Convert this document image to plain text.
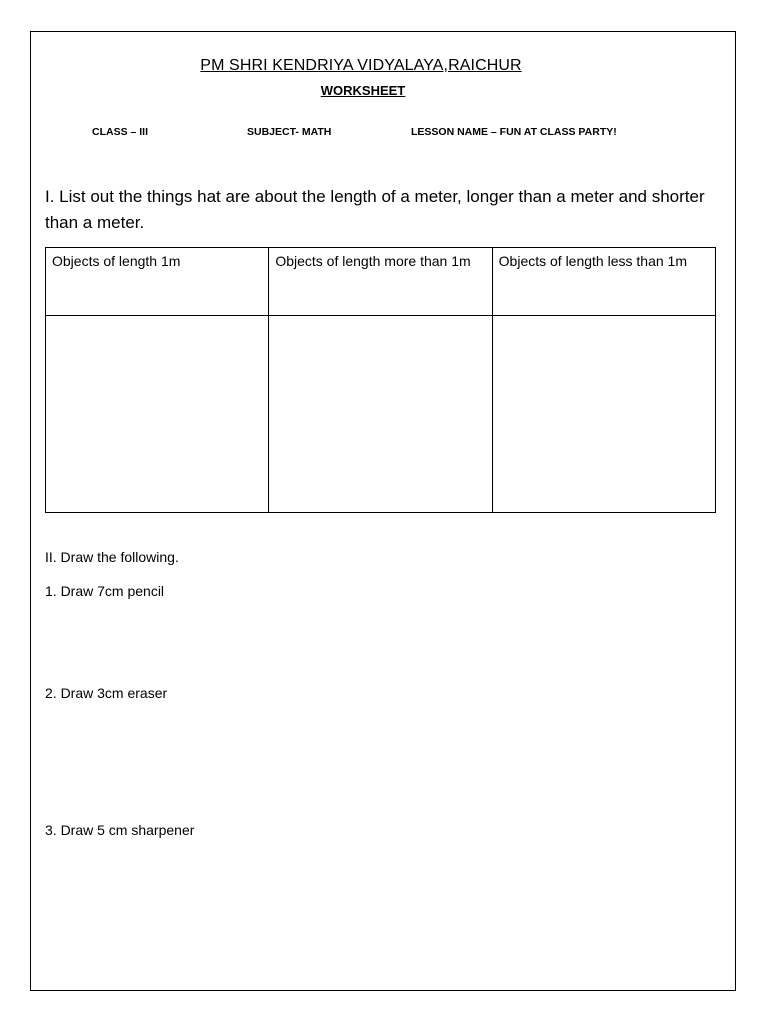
PM SHRI KENDRIYA VIDYALAYA,RAICHUR
WORKSHEET
CLASS – III	SUBJECT- MATH	LESSON NAME – FUN AT CLASS PARTY!

I. List out the things hat are about the length of a meter, longer than a meter and shorter than a meter.

Objects of length 1m	Objects of length more than 1m	Objects of length less than 1m

II. Draw the following.

1. Draw 7cm pencil

2. Draw 3cm eraser

3. Draw 5 cm sharpener
